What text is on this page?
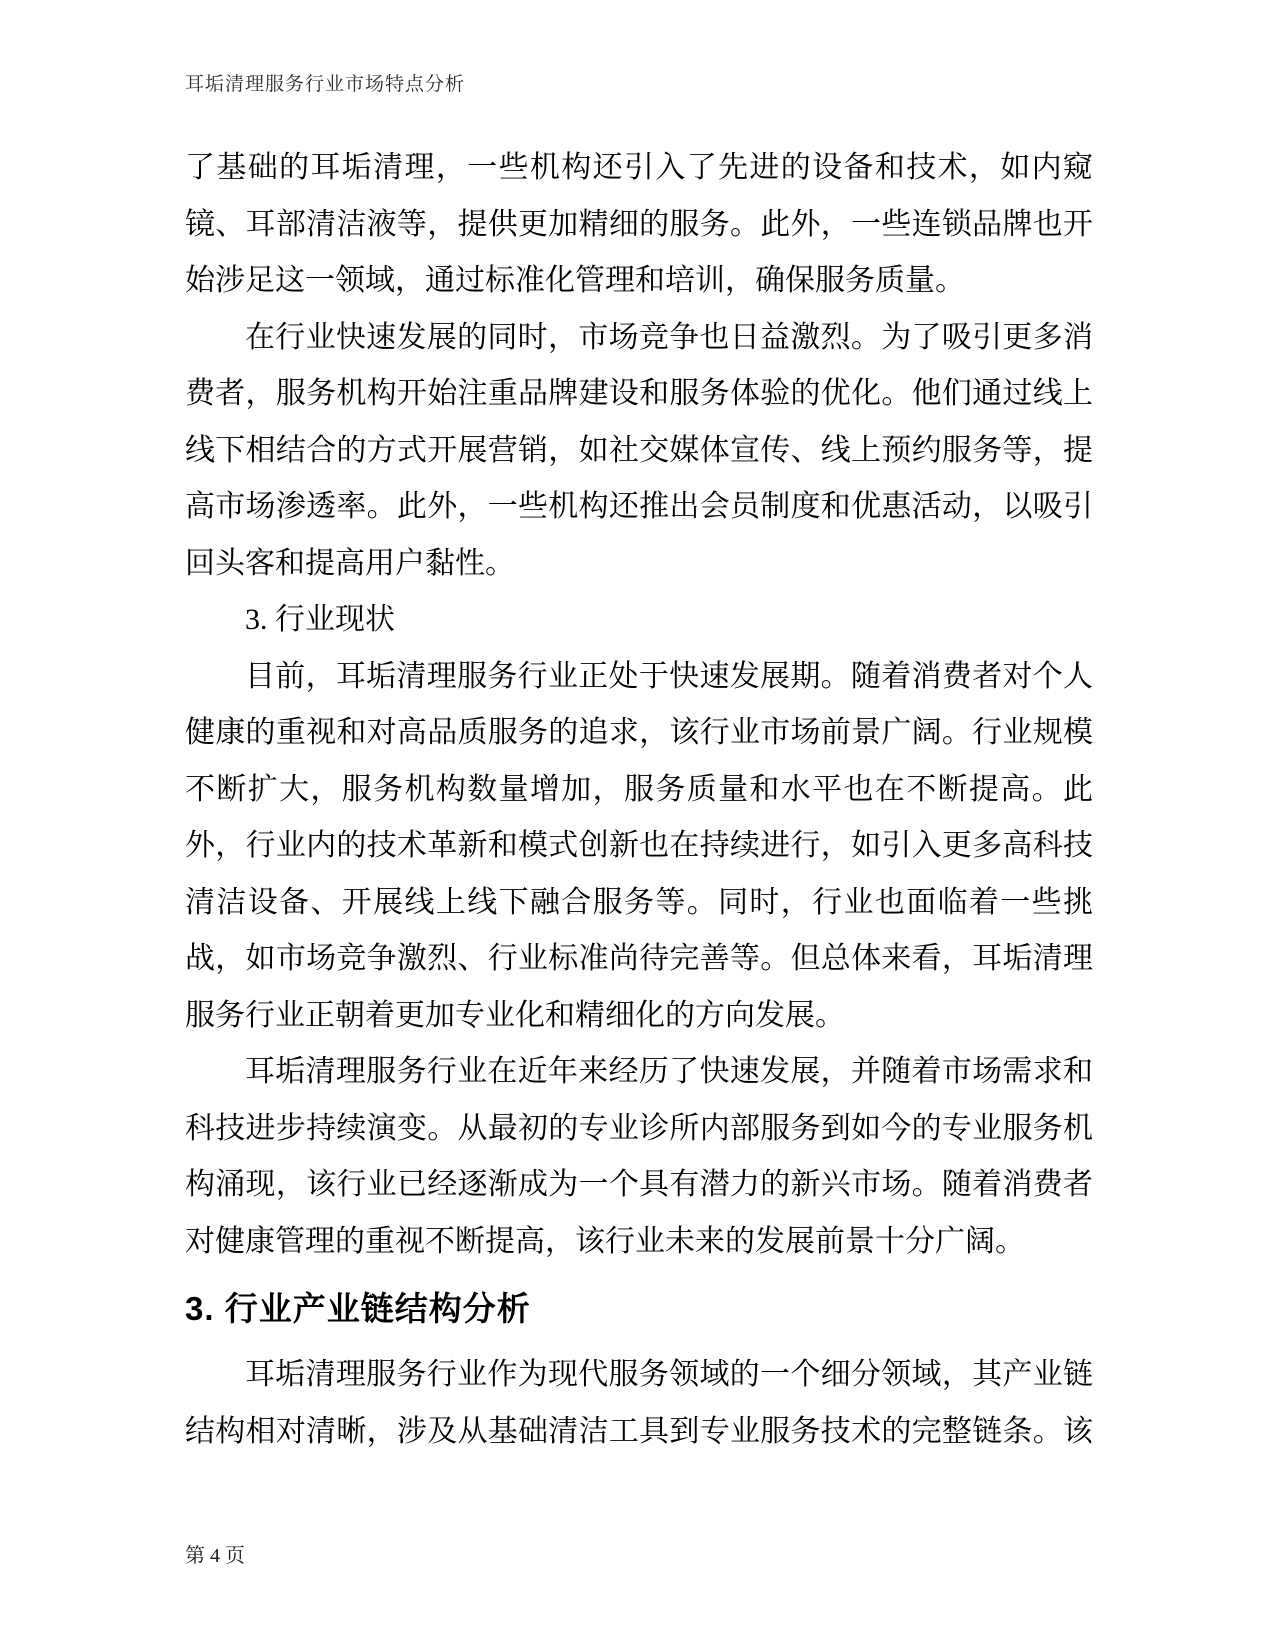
耳垢清理服务行业市场特点分析
了基础的耳垢清理，一些机构还引入了先进的设备和技术，如内窥
镜、耳部清洁液等，提供更加精细的服务。此外，一些连锁品牌也开
始涉足这一领域，通过标准化管理和培训，确保服务质量。
在行业快速发展的同时，市场竞争也日益激烈。为了吸引更多消
费者，服务机构开始注重品牌建设和服务体验的优化。他们通过线上
线下相结合的方式开展营销，如社交媒体宣传、线上预约服务等，提
高市场渗透率。此外，一些机构还推出会员制度和优惠活动，以吸引
回头客和提高用户黏性。
3. 行业现状
目前，耳垢清理服务行业正处于快速发展期。随着消费者对个人
健康的重视和对高品质服务的追求，该行业市场前景广阔。行业规模
不断扩大，服务机构数量增加，服务质量和水平也在不断提高。此
外，行业内的技术革新和模式创新也在持续进行，如引入更多高科技
清洁设备、开展线上线下融合服务等。同时，行业也面临着一些挑
战，如市场竞争激烈、行业标准尚待完善等。但总体来看，耳垢清理
服务行业正朝着更加专业化和精细化的方向发展。
耳垢清理服务行业在近年来经历了快速发展，并随着市场需求和
科技进步持续演变。从最初的专业诊所内部服务到如今的专业服务机
构涌现，该行业已经逐渐成为一个具有潜力的新兴市场。随着消费者
对健康管理的重视不断提高，该行业未来的发展前景十分广阔。
3. 行业产业链结构分析
耳垢清理服务行业作为现代服务领域的一个细分领域，其产业链
结构相对清晰，涉及从基础清洁工具到专业服务技术的完整链条。该
第 4 页
